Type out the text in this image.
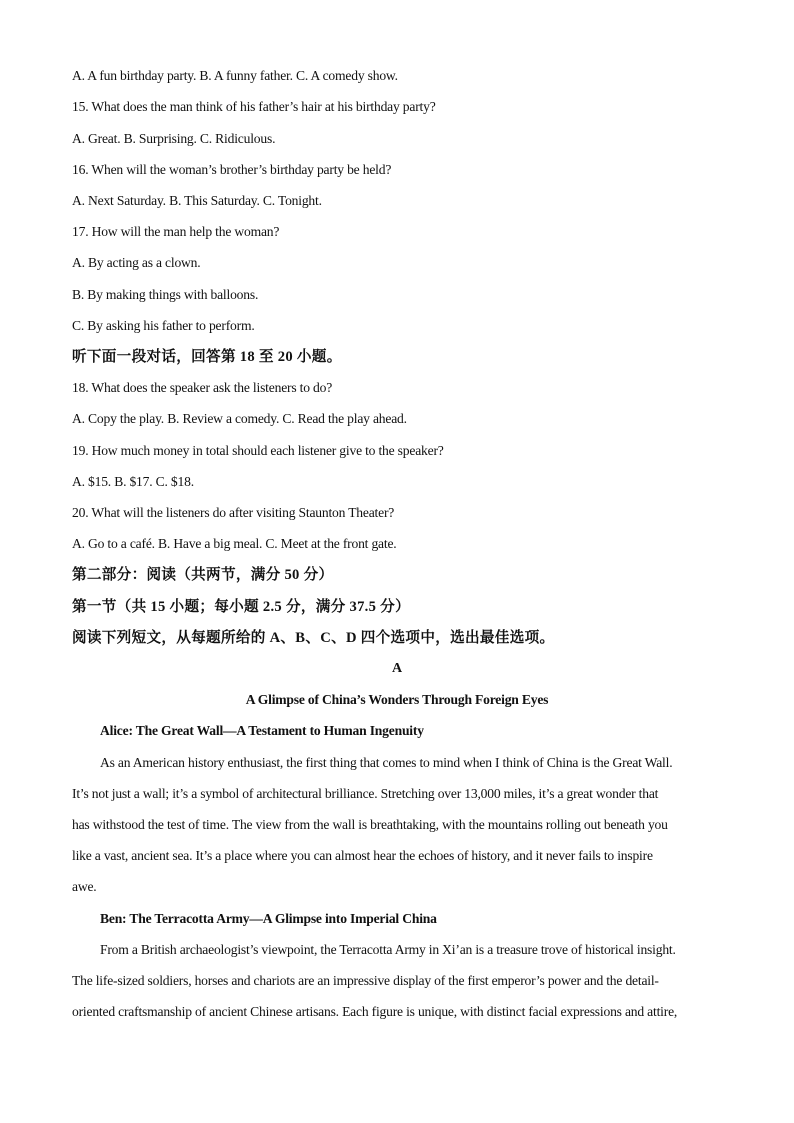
A. A fun birthday party. B. A funny father. C. A comedy show.
15. What does the man think of his father’s hair at his birthday party?
A. Great. B. Surprising. C. Ridiculous.
16. When will the woman’s brother’s birthday party be held?
A. Next Saturday. B. This Saturday. C. Tonight.
17. How will the man help the woman?
A. By acting as a clown.
B. By making things with balloons.
C. By asking his father to perform.
听下面一段对话，回答第 18 至 20 小题。
18. What does the speaker ask the listeners to do?
A. Copy the play. B. Review a comedy. C. Read the play ahead.
19. How much money in total should each listener give to the speaker?
A. $15. B. $17. C. $18.
20. What will the listeners do after visiting Staunton Theater?
A. Go to a café. B. Have a big meal. C. Meet at the front gate.
第二部分：阅读（共两节，满分 50 分）
第一节（共 15 小题；每小题 2.5 分，满分 37.5 分）
阅读下列短文，从每题所给的 A、B、C、D 四个选项中，选出最佳选项。
A
A Glimpse of China’s Wonders Through Foreign Eyes
Alice: The Great Wall—A Testament to Human Ingenuity
As an American history enthusiast, the first thing that comes to mind when I think of China is the Great Wall.
It’s not just a wall; it’s a symbol of architectural brilliance. Stretching over 13,000 miles, it’s a great wonder that
has withstood the test of time. The view from the wall is breathtaking, with the mountains rolling out beneath you
like a vast, ancient sea. It’s a place where you can almost hear the echoes of history, and it never fails to inspire
awe.
Ben: The Terracotta Army—A Glimpse into Imperial China
From a British archaeologist’s viewpoint, the Terracotta Army in Xi’an is a treasure trove of historical insight.
The life-sized soldiers, horses and chariots are an impressive display of the first emperor’s power and the detail-
oriented craftsmanship of ancient Chinese artisans. Each figure is unique, with distinct facial expressions and attire,
